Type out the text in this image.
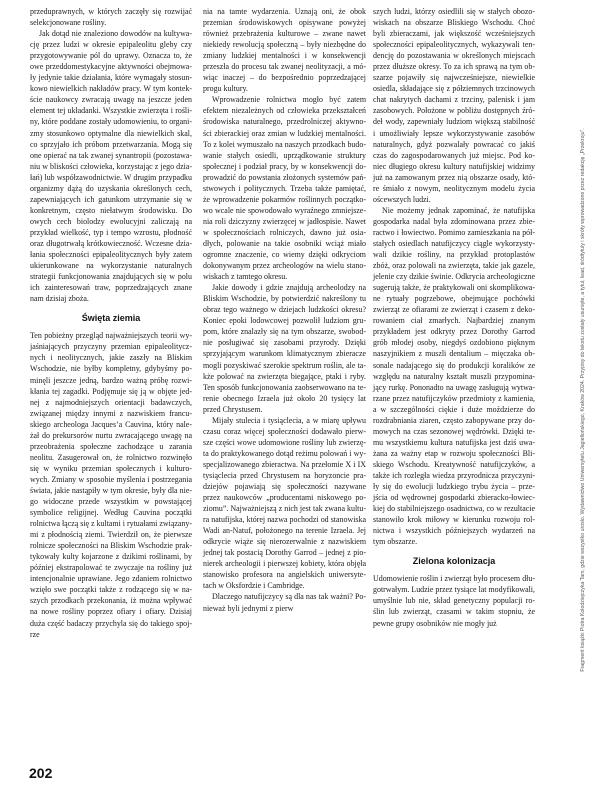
przeduprawnych, w których zaczęły się rozwijać selekcjonowane rośliny.

Jak dotąd nie znaleziono dowodów na kultywację przez ludzi w okresie epipaleolitu gleby czy przygotowywanie pól do uprawy. Oznacza to, że owe przeddomestykacyjne aktywności obejmowały jedynie takie działania, które wymagały stosunkowo niewielkich nakładów pracy. W tym kontekście naukowcy zwracają uwagę na jeszcze jeden element tej układanki. Wszystkie zwierzęta i rośliny, które poddane zostały udomowieniu, to organizmy stosunkowo optymalne dla niewielkich skal, co sprzyjało ich próbom przetwarzania. Mogą się one opierać na tak zwanej synantropii (pozostawaniu w bliskości człowieka, korzystając z jego działań) lub współzawodnictwie. W drugim przypadku organizmy dążą do uzyskania określonych cech, zapewniających ich gatunkom utrzymanie się w konkretnym, często niełatwym środowisku. Do owych cech biolodzy ewolucyjni zaliczają na przykład wielkość, typ i tempo wzrostu, płodność oraz długotrwałą krótkowieczność. Wczesne działania społeczności epipaleolitycznych były zatem ukierunkowane na wykorzystanie naturalnych strategii funkcjonowania znajdujących się w polu ich zainteresowań traw, poprzedzających znane nam dzisiaj zboża.

Święta ziemia

Ten pobieżny przegląd najważniejszych teorii wyjaśniających przyczyny przemian epipaleolitycznych i neolitycznych, jakie zaszły na Bliskim Wschodzie, nie byłby kompletny, gdybyśmy pominęli jeszcze jedną, bardzo ważną próbę rozwikłania tej zagadki. Podjęmuje się ją w objęte jednej z najmodniejszych orientacji badawczych, związanej między innymi z nazwiskiem francuskiego archeologa Jacques’a Cauvina, który należał do prekursorów nurtu zwracającego uwagę na przeobrażenia społeczne zachodzące u zarania neolitu. Zasugerował on, że rolnictwo rozwinęło się w wyniku przemian społecznych i kulturowych. Zmiany w sposobie myślenia i postrzegania świata, jakie nastąpiły w tym okresie, były dla niego widoczne przede wszystkim w powstającej symbolice religijnej. Według Cauvina początki rolnictwa łączą się z kultami i rytuałami związanymi z płodnością ziemi. Twierdził on, że pierwsze rolnicze społeczności na Bliskim Wschodzie praktykowały kulty kojarzone z dzikimi roślinami, by później ekstrapolować te zwyczaje na rośliny już intencjonalnie uprawiane. Jego zdaniem rolnictwo wzięło swe początki także z rodzącego się w naszych przodkach przekonania, iż można wpływać na nowe rośliny poprzez ofiary i ofiary. Dzisiaj duża część badaczy przychyla się do takiego spojrze

nia na tamte wydarzenia. Uznają oni, że obok przemian środowiskowych opisywane powyżej również przebrażenia kulturowe – zwane nawet niekiedy rewolucją społeczną – były niezbędne do zmiany ludzkiej mentalności i w konsekwencji przeszła do procesu tak zwanej neolityzacji, a mówiąc inaczej – do bezpośrednio poprzedzającej progu kultury.

Wprowadzenie rolnictwa mogło być zatem efektem niezależnych od człowieka przekształceń środowiska naturalnego, przedrolniczej aktywności zbierackiej oraz zmian w ludzkiej mentalności. To z kolei wymuszało na naszych przodkach budowanie stałych osiedli, uprządkowanie struktury społecznej i podział pracy, by w konsekwencji doprowadzić do powstania złożonych systemów państwowych i politycznych. Trzeba także pamiętać, że wprowadzenie pokarmów roślinnych początkowo wcale nie spowodowało wyraźnego zmniejszenia roli dziczyzny zwierzęcej w jadłospisie. Nawet w społecznościach rolniczych, dawno już osiadłych, polowanie na takie osobniki wciąż miało ogromne znaczenie, co wiemy dzięki odkryciom dokonywanym przez archeologów na wielu stanowiskach z tamtego okresu.

Jakie dowody i gdzie znajdują archeolodzy na Bliskim Wschodzie, by potwierdzić nakreślony tu obraz tego ważnego w dziejach ludzkości okresu? Koniec epoki lodowcowej pozwolił ludziom grupom, które znalazły się na tym obszarze, swobodnie posługiwać się zasobami przyrody. Dzięki sprzyjającym warunkom klimatycznym zbieracze mogli pozyskiwać szerokie spektrum roślin, ale także polować na zwierzęta biegające, ptaki i ryby. Ten sposób funkcjonowania zaobserwowano na terenie obecnego Izraela już około 20 tysięcy lat przed Chrystusem.

Mijały stulecia i tysiąclecia, a w miarę upływu czasu coraz więcej społeczności dodawało pierwsze części wowe udomowione rośliny lub zwierzęta do praktykowanego dotąd reżimu polowań i wyspecjalizowanego zbieractwa. Na przełomie X i IX tysiąclecia przed Chrystusem na horyzoncie pradziejów pojawiają się społeczności nazywane przez naukowców „producentami niskowego poziomu”. Najważniejszą z nich jest tak zwana kultura natufijska, której nazwa pochodzi od stanowiska Wadi an-Natuf, położonego na terenie Izraela. Jej odkrycie wiąże się nierozerwalnie z nazwiskiem jednej tak postacią Dorothy Garrod – jednej z pionierek archeologii i pierwszej kobiety, która objęła stanowisko profesora na angielskich uniwersytetach w Oksfordzie i Cambridge.

Dlaczego natufijczycy są dla nas tak ważni? Ponieważ byli jednymi z pierw

szych ludzi, którzy osiedlili się w stałych obozowiskach na obszarze Bliskiego Wschodu. Choć byli zbieraczami, jak większość wcześniejszych społeczności epipaleolitycznych, wykazywali tendencję do pozostawania w określonych miejscach przez dłuższe okresy. To za ich sprawą na tym obszarze pojawiły się najwcześniejsze, niewielkie osiedla, składające się z półziemnych trzcinowych chat nakrytych dachami z trzciny, palenisk i jam zasobowych. Położone w pobliżu dostępnych źródeł wody, zapewniały ludziom większą stabilność i umożliwiały lepsze wykorzystywanie zasobów naturalnych, gdyż pozwalały powracać co jakiś czas do zagospodarowanych już miejsc. Pod koniec długiego okresu kultury natufijskiej widzimy już na zamowanym przez nią obszarze osady, które śmiało z nowym, neolitycznym modelu życia oścewszych ludzi.

Nie możemy jednak zapominać, że natufijska gospodarka nadal była zdominowana przez zbieractwo i łowiectwo. Pomimo zamieszkania na półstałych osiedlach natufijczycy ciągle wykorzystywali dzikie rośliny, na przykład protoplastów zbóż, oraz polowali na zwierzęta, takie jak gazele, jelenie czy dzikie świnie. Odkrycia archeologiczne sugerują także, że praktykowali oni skomplikowane rytuały pogrzebowe, obejmujące pochówki zwierząt ze ofiarami ze zwierząt i czasem z dekorowaniem ciał zmarłych. Najbardziej znanym przykładem jest odkryty przez Dorothy Garrod grób młodej osoby, niegdyś ozdobiono pięknym naszyjnikiem z muszli dentalium – mięczaka obsonale nadającego się do produkcji koralików ze względu na naturalny kształt muszli przypominający rurkę. Pononadto na uwagę zasługują wytwarzane przez natufijczyków przedmioty z kamienia, a w szczególności ciękie i duże moździerze do rozdrabniania ziaren, często zabopywane przy domowych na czas sezonowej wędrówki. Dzięki temu wszystkiemu kultura natufijska jest dziś uważana za ważny etap w rozwoju społeczności Bliskiego Wschodu. Kreatywność natufijczyków, a także ich rozległa wiedza przyrodnicza przyczyniły się do ewolucji ludzkiego trybu życia – przejścia od wędrownej gospodarki zbieracko-łowieckiej do stabilniejszego osadnictwa, co w rezultacie stanowiło krok miłowy w kierunku rozwoju rolnictwa i wszystkich późniejszych wydarzeń na tym obszarze.

Zielona kolonizacja

Udomowienie roślin i zwierząt było procesem długotrwałym. Ludzie przez tysiące lat modyfikowali, umyślnie lub nie, skład genetyczny populacji roślin lub zwierząt, czasami w takim stopniu, że pewne grupy osobników nie mogły już

202
Fragment książki Piotra Kołodziejczyka Tam, gdzie wszystko urosło. Wydawnictwo Uniwersytetu Jagiellońskiego, Kraków 2024. Przypisy do tekstu zostały usunięte, a tytuł, lead, śródtytuły i skróty wprowadzone przez redakcję „Przekroju”.
